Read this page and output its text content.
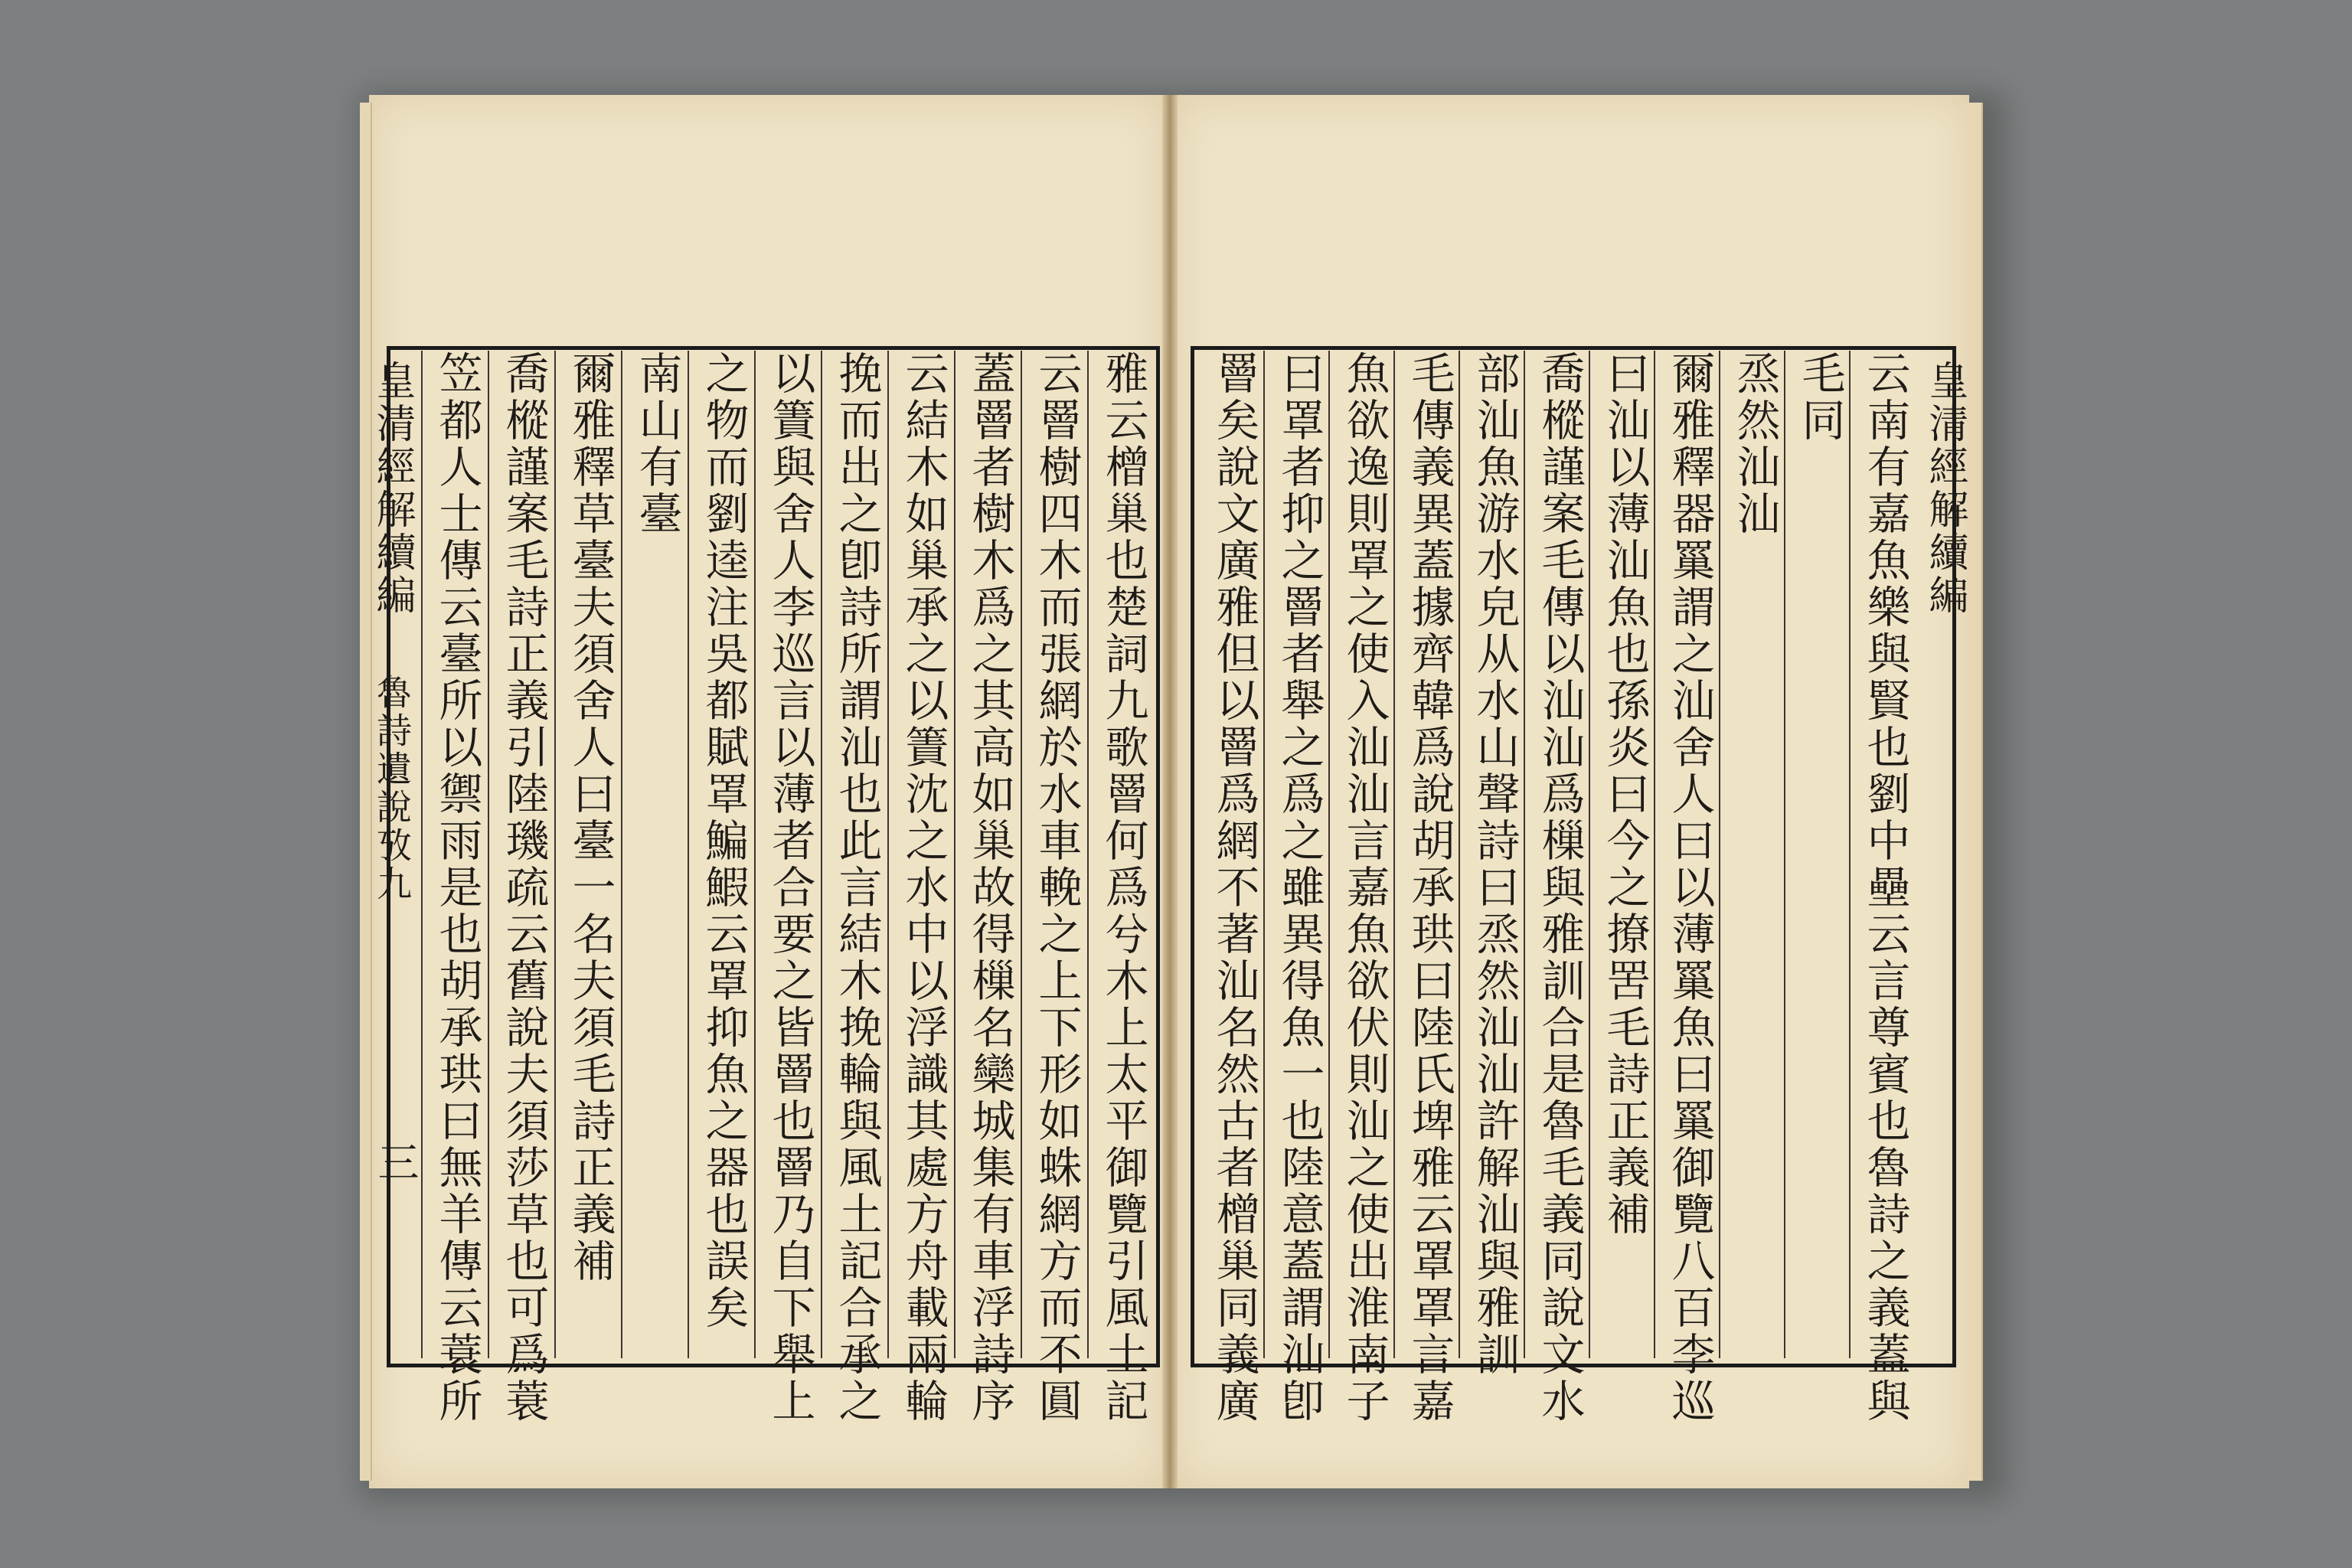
皇清經解續編
魯詩遺說攷九
三	雅云橧巢也楚詞九歌罾何爲兮木上太平御覽引風土記
云罾樹四木而張網於水車輓之上下形如蛛網方而不圓
蓋罾者樹木爲之其高如巢故得樔名欒城集有車浮詩序
云結木如巢承之以簀沈之水中以浮識其處方舟載兩輪
挽而出之卽詩所謂汕也此言結木挽輪與風土記合承之
以簀與舍人李巡言以薄者合要之皆罾也罾乃自下舉上
之物而劉逵注吳都賦罩鯿鰕云罩抑魚之器也誤矣
南山有臺
爾雅釋草臺夫須舍人曰臺一名夫須毛詩正義補
喬樅謹案毛詩正義引陸璣疏云舊說夫須莎草也可爲蓑
笠都人士傳云臺所以禦雨是也胡承珙曰無羊傳云蓑所	皇清經解續編
云南有嘉魚樂與賢也劉中壘云言尊賓也魯詩之義蓋與
毛同
烝然汕汕
爾雅釋器罺謂之汕舍人曰以薄罺魚曰罺御覽八百李巡
曰汕以薄汕魚也孫炎曰今之撩罟毛詩正義補
喬樅謹案毛傳以汕汕爲樔與雅訓合是魯毛義同說文水
部汕魚游水皃从水山聲詩曰烝然汕汕許解汕與雅訓
毛傳義異蓋據齊韓爲說胡承珙曰陸氏埤雅云罩罩言嘉
魚欲逸則罩之使入汕汕言嘉魚欲伏則汕之使出淮南子
曰罩者抑之罾者舉之爲之雖異得魚一也陸意蓋謂汕卽
罾矣說文廣雅但以罾爲網不著汕名然古者橧巢同義廣
